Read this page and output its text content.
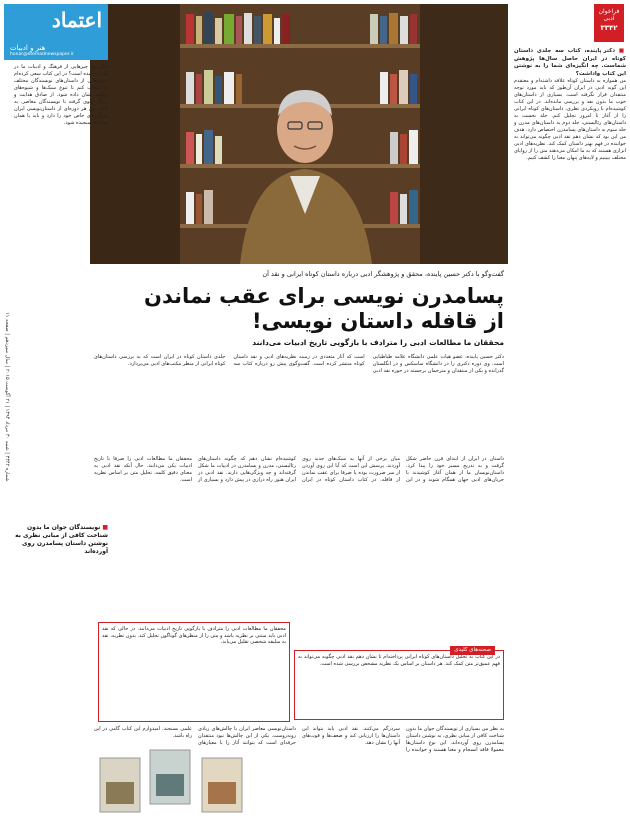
فراخوان ادبی
۳۳۴۲

■ دکتر پاینده، کتاب سه جلدی داستان کوتاه در ایران حاصل سال‌ها پژوهش شماست. چه انگیزه‌ای شما را به نوشتن این کتاب واداشت؟

من همواره به داستان کوتاه علاقه داشته‌ام و معتقدم این گونه ادبی در ایران آن‌طور که باید مورد توجه منتقدان قرار نگرفته است. بسیاری از داستان‌های خوب ما بدون نقد و بررسی مانده‌اند. در این کتاب کوشیده‌ام با رویکردی نظری، داستان‌های کوتاه ایرانی را از آغاز تا امروز تحلیل کنم. جلد نخست به داستان‌های رئالیستی، جلد دوم به داستان‌های مدرن و جلد سوم به داستان‌های پسامدرن اختصاص دارد. هدف من این بود که نشان دهم نقد ادبی چگونه می‌تواند به خواننده در فهم بهتر داستان کمک کند. نظریه‌های ادبی ابزاری هستند که به ما امکان می‌دهند متن را از زوایای مختلف ببینیم و لایه‌های پنهان معنا را کشف کنیم.

گفت‌وگو با دکتر حسین پاینده، محقق و پژوهشگر ادبی درباره داستان کوتاه ایرانی و نقد آن
پسامدرن نویسی برای عقب نماندن
از قافله داستان نویسی!
محققان ما مطالعات ادبی را مترادف با بازگویی تاریخ ادبیات می‌دانند
دکتر حسین پاینده، عضو هیات علمی دانشگاه علامه طباطبایی است. وی دوره دکتری را در دانشگاه ساسکس و در انگلستان گذرانده و یکی از منتقدان و مترجمان برجسته در حوزه نقد ادبی است که آثار متعددی در زمینه نظریه‌های ادبی و نقد داستان کوتاه منتشر کرده است. گفت‌وگوی پیش رو درباره کتاب سه جلدی داستان کوتاه در ایران است که به بررسی داستان‌های کوتاه ایرانی از منظر مکتب‌های ادبی می‌پردازد.
داستان در ایران از ابتدای قرن حاضر شکل گرفت و به تدریج مسیر خود را پیدا کرد. داستان‌نویسان ما از همان آغاز کوشیدند با جریان‌های ادبی جهان همگام شوند و در این میان برخی از آنها به سبک‌های جدید روی آوردند. پرسش این است که آیا این روی آوردن از سر ضرورت بوده یا صرفا برای عقب نماندن از قافله. در کتاب داستان کوتاه در ایران کوشیده‌ام نشان دهم که چگونه داستان‌های رئالیستی، مدرن و پسامدرن در ادبیات ما شکل گرفته‌اند و چه ویژگی‌هایی دارند. نقد ادبی در ایران هنوز راه درازی در پیش دارد و بسیاری از محققان ما مطالعات ادبی را صرفا با تاریخ ادبیات یکی می‌دانند. حال آنکه نقد ادبی به معنای دقیق کلمه، تحلیل متن بر اساس نظریه است.
محققان ما مطالعات ادبی را مترادف با بازگویی تاریخ ادبیات می‌دانند. در حالی که نقد ادبی باید مبتنی بر نظریه باشد و متن را از منظرهای گوناگون تحلیل کند. بدون نظریه، نقد به سلیقه شخصی تقلیل می‌یابد.
صحنه‌های کلیدی

در این کتاب به تحلیل داستان‌های کوتاه ایرانی پرداخته‌ام تا نشان دهم نقد ادبی چگونه می‌تواند به فهم عمیق‌تر متن کمک کند. هر داستان بر اساس یک نظریه مشخص بررسی شده است.

به نظر من بسیاری از نویسندگان جوان ما بدون شناخت کافی از مبانی نظری، به نوشتن داستان پسامدرن روی آورده‌اند. این نوع داستان‌ها معمولا فاقد انسجام و معنا هستند و خواننده را سردرگم می‌کنند. نقد ادبی باید بتواند این داستان‌ها را ارزیابی کند و ضعف‌ها و قوت‌های آنها را نشان دهد.

داستان‌نویسی معاصر ایران با چالش‌های زیادی روبه‌روست. یکی از این چالش‌ها نبود منتقدان حرفه‌ای است که بتوانند آثار را با معیارهای علمی بسنجند. امیدوارم این کتاب گامی در این راه باشد.

اعتماد
هنر و ادبیات
honar@etemadnewspaper.ir
شماره ۳۳۴۲ | شنبه ۳۰ مرداد ۱۳۹۴ | ۲۱ آگوست ۲۰۱۵ | سال سیزدهم | صفحه ۱۱
دیگر چه چیزهایی از فرهنگ و ادبیات ما در این اثر آمده است؟ در این کتاب سعی کرده‌ام نمونه‌هایی از داستان‌های نویسندگان مختلف را انتخاب کنم تا تنوع سبک‌ها و شیوه‌های روایت نشان داده شود. از صادق هدایت و بزرگ علوی گرفته تا نویسندگان معاصر. به گمان من هر دوره‌ای از داستان‌نویسی ایران ویژگی‌های خاص خود را دارد و باید با همان معیارها سنجیده شود.
■ نویسندگان جوان ما بدون شناخت کافی از مبانی نظری به نوشتن داستان پسامدرن روی آورده‌اند
